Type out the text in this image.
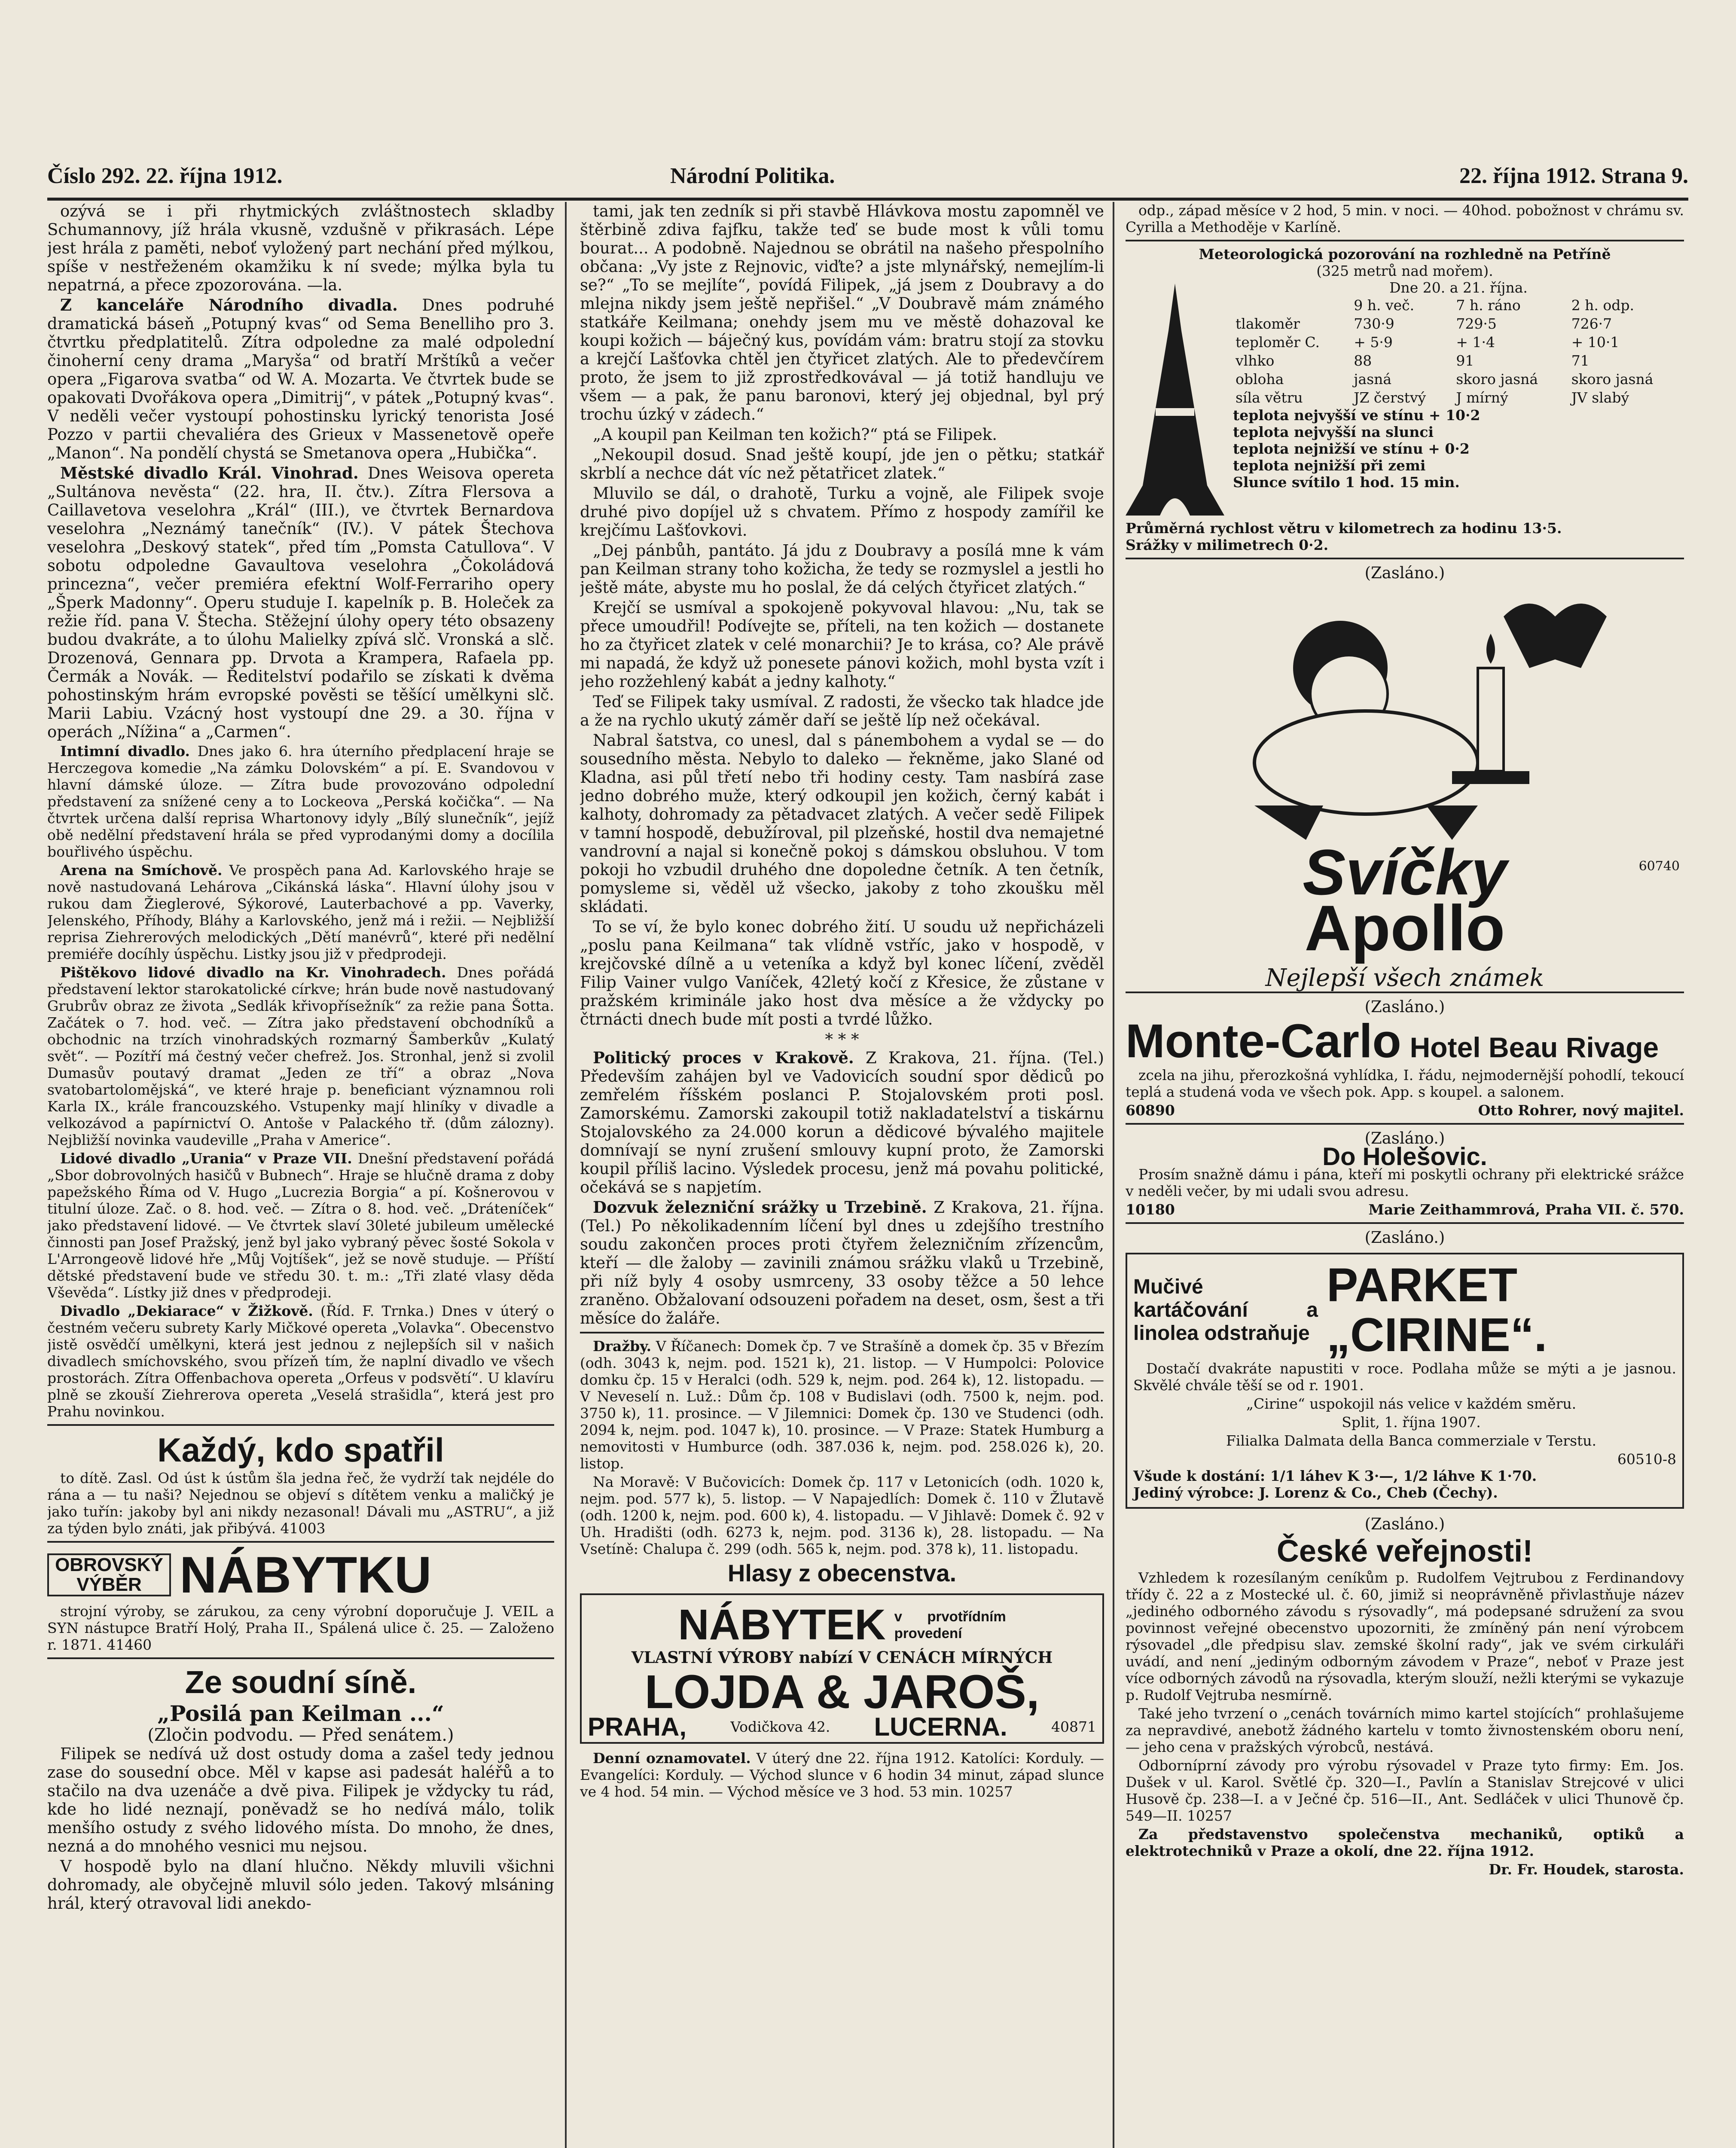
Číslo 292. 22. října 1912.	Národní Politika.	22. října 1912. Strana 9.

ozývá se i při rhytmických zvláštnostech skladby Schumannovy, jíž hrála vkusně, vzdušně v přikrasách. Lépe jest hrála z paměti, neboť vyložený part nechání před mýlkou, spíše v nestřeženém okamžiku k ní svede; mýlka byla tu nepatrná, a přece zpozorována. —la.

Z kanceláře Národního divadla. Dnes podruhé dramatická báseň „Potupný kvas“ od Sema Benelliho pro 3. čtvrtku předplatitelů. Zítra odpoledne za malé odpolední činoherní ceny drama „Maryša“ od bratří Mrštíků a večer opera „Figarova svatba“ od W. A. Mozarta. Ve čtvrtek bude se opakovati Dvořákova opera „Dimitrij“, v pátek „Potupný kvas“. V neděli večer vystoupí pohostinsku lyrický tenorista José Pozzo v partii chevaliéra des Grieux v Massenetově opeře „Manon“. Na pondělí chystá se Smetanova opera „Hubička“.

Městské divadlo Král. Vinohrad. Dnes Weisova opereta „Sultánova nevěsta“ (22. hra, II. čtv.). Zítra Flersova a Caillavetova veselohra „Král“ (III.), ve čtvrtek Bernardova veselohra „Neznámý tanečník“ (IV.). V pátek Štechova veselohra „Deskový statek“, před tím „Pomsta Catullova“. V sobotu odpoledne Gavaultova veselohra „Čokoládová princezna“, večer premiéra efektní Wolf-Ferrariho opery „Šperk Madonny“. Operu studuje I. kapelník p. B. Holeček za režie říd. pana V. Štecha. Stěžejní úlohy opery této obsazeny budou dvakráte, a to úlohu Malielky zpívá slč. Vronská a slč. Drozenová, Gennara pp. Drvota a Krampera, Rafaela pp. Čermák a Novák. — Ředitelství podařilo se získati k dvěma pohostinským hrám evropské pověsti se těšící umělkyni slč. Marii Labiu. Vzácný host vystoupí dne 29. a 30. října v operách „Nížina“ a „Carmen“.

Intimní divadlo. Dnes jako 6. hra úterního předplacení hraje se Herczegova komedie „Na zámku Dolovském“ a pí. E. Svandovou v hlavní dámské úloze. — Zítra bude provozováno odpolední představení za snížené ceny a to Lockeova „Perská kočička“. — Na čtvrtek určena další reprisa Whartonovy idyly „Bílý slunečník“, jejíž obě nedělní představení hrála se před vyprodanými domy a docílila bouřlivého úspěchu.

Arena na Smíchově. Ve prospěch pana Ad. Karlovského hraje se nově nastudovaná Lehárova „Cikánská láska“. Hlavní úlohy jsou v rukou dam Žieglerové, Sýkorové, Lauterbachové a pp. Vaverky, Jelenského, Příhody, Bláhy a Karlovského, jenž má i režii. — Nejbližší reprisa Ziehrerových melodických „Dětí manévrů“, které při nedělní premiéře docíhly úspěchu. Listky jsou již v předprodeji.

Pištěkovo lidové divadlo na Kr. Vinohradech. Dnes pořádá představení lektor starokatolické církve; hrán bude nově nastudovaný Grubrův obraz ze života „Sedlák křivopřísežník“ za režie pana Šotta. Začátek o 7. hod. več. — Zítra jako představení obchodníků a obchodnic na trzích vinohradských rozmarný Šamberkův „Kulatý svět“. — Pozítří má čestný večer chefrež. Jos. Stronhal, jenž si zvolil Dumasův poutavý dramat „Jeden ze tří“ a obraz „Nova svatobartolomějská“, ve které hraje p. beneficiant významnou roli Karla IX., krále francouzského. Vstupenky mají hliníky v divadle a velkozávod a papírnictví O. Antoše v Palackého tř. (dům zálozny). Nejbližší novinka vaudeville „Praha v Americe“.

Lidové divadlo „Urania“ v Praze VII. Dnešní představení pořádá „Sbor dobrovolných hasičů v Bubnech“. Hraje se hlučně drama z doby papežského Říma od V. Hugo „Lucrezia Borgia“ a pí. Košnerovou v titulní úloze. Zač. o 8. hod. več. — Zítra o 8. hod. več. „Dráteníček“ jako představení lidové. — Ve čtvrtek slaví 30leté jubileum umělecké činnosti pan Josef Pražský, jenž byl jako vybraný pěvec šosté Sokola v L'Arrongeově lidové hře „Můj Vojtíšek“, jež se nově studuje. — Příští dětské představení bude ve středu 30. t. m.: „Tři zlaté vlasy děda Vševěda“. Lístky již dnes v předprodeji.

Divadlo „Dekiarace“ v Žižkově. (Říd. F. Trnka.) Dnes v úterý o čestném večeru subrety Karly Mičkové opereta „Volavka“. Obecenstvo jistě osvědčí umělkyni, která jest jednou z nejlepších sil v našich divadlech smíchovského, svou přízeň tím, že naplní divadlo ve všech prostorách. Zítra Offenbachova opereta „Orfeus v podsvětí“. U klavíru plně se zkouší Ziehrerova opereta „Veselá strašidla“, která jest pro Prahu novinkou.

Každý, kdo spatřil

to dítě. Zasl. Od úst k ústům šla jedna řeč, že vydrží tak nejdéle do rána a — tu naši? Nejednou se objeví s dítětem venku a maličký je jako tuřín: jakoby byl ani nikdy nezasonal! Dávali mu „ASTRU“, a již za týden bylo znáti, jak přibývá. 41003

OBROVSKÝ VÝBĚR NÁBYTKU

strojní výroby, se zárukou, za ceny výrobní doporučuje J. VEIL a SYN nástupce Bratří Holý, Praha II., Spálená ulice č. 25. — Založeno r. 1871. 41460

Ze soudní síně.
„Posilá pan Keilman ...“
(Zločin podvodu. — Před senátem.)

Filipek se nedívá už dost ostudy doma a zašel tedy jednou zase do sousední obce. Měl v kapse asi padesát haléřů a to stačilo na dva uzenáče a dvě piva. Filipek je vždycky tu rád, kde ho lidé neznají, poněvadž se ho nedívá málo, tolik menšího ostudy z svého lidového místa. Do mnoho, že dnes, nezná a do mnohého vesnici mu nejsou.

V hospodě bylo na dlaní hlučno. Někdy mluvili všichni dohromady, ale obyčejně mluvil sólo jeden. Takový mlsáning hrál, který otravoval lidi anekdo-

tami, jak ten zedník si při stavbě Hlávkova mostu zapomněl ve štěrbině zdiva fajfku, takže teď se bude most k vůli tomu bourat... A podobně. Najednou se obrátil na našeho přespolního občana: „Vy jste z Rejnovic, viďte? a jste mlynářský, nemejlím-li se?“ „To se mejlíte“, povídá Filipek, „já jsem z Doubravy a do mlejna nikdy jsem ještě nepřišel.“ „V Doubravě mám známého statkáře Keilmana; onehdy jsem mu ve městě dohazoval ke koupi kožich — báječný kus, povídám vám: bratru stojí za stovku a krejčí Lašťovka chtěl jen čtyřicet zlatých. Ale to předevčírem proto, že jsem to již zprostředkovával — já totiž handluju ve všem — a pak, že panu baronovi, který jej objednal, byl prý trochu úzký v zádech.“

„A koupil pan Keilman ten kožich?“ ptá se Filipek.

„Nekoupil dosud. Snad ještě koupí, jde jen o pětku; statkář skrblí a nechce dát víc než pětatřicet zlatek.“

Mluvilo se dál, o drahotě, Turku a vojně, ale Filipek svoje druhé pivo dopíjel už s chvatem. Přímo z hospody zamířil ke krejčímu Lašťovkovi.

„Dej pánbůh, pantáto. Já jdu z Doubravy a posílá mne k vám pan Keilman strany toho kožicha, že tedy se rozmyslel a jestli ho ještě máte, abyste mu ho poslal, že dá celých čtyřicet zlatých.“

Krejčí se usmíval a spokojeně pokyvoval hlavou: „Nu, tak se přece umoudřil! Podívejte se, příteli, na ten kožich — dostanete ho za čtyřicet zlatek v celé monarchii? Je to krása, co? Ale právě mi napadá, že když už ponesete pánovi kožich, mohl bysta vzít i jeho rozžehlený kabát a jedny kalhoty.“

Teď se Filipek taky usmíval. Z radosti, že všecko tak hladce jde a že na rychlo ukutý záměr daří se ještě líp než očekával.

Nabral šatstva, co unesl, dal s pánembohem a vydal se — do sousedního města. Nebylo to daleko — řekněme, jako Slané od Kladna, asi půl třetí nebo tři hodiny cesty. Tam nasbírá zase jedno dobrého muže, který odkoupil jen kožich, černý kabát i kalhoty, dohromady za pětadvacet zlatých. A večer sedě Filipek v tamní hospodě, debužíroval, pil plzeňské, hostil dva nemajetné vandrovní a najal si konečně pokoj s dámskou obsluhou. V tom pokoji ho vzbudil druhého dne dopoledne četník. A ten četník, pomysleme si, věděl už všecko, jakoby z toho zkoušku měl skládati.

To se ví, že bylo konec dobrého žití. U soudu už nepřicházeli „poslu pana Keilmana“ tak vlídně vstříc, jako v hospodě, v krejčovské dílně a u veteníka a když byl konec líčení, zvěděl Filip Vainer vulgo Vaníček, 42letý kočí z Křesice, že zůstane v pražském kriminále jako host dva měsíce a že vždycky po čtrnácti dnech bude mít posti a tvrdé lůžko.

* * *

Politický proces v Krakově. Z Krakova, 21. října. (Tel.) Především zahájen byl ve Vadovicích soudní spor dědiců po zemřelém říšském poslanci P. Stojalovském proti posl. Zamorskému. Zamorski zakoupil totiž nakladatelství a tiskárnu Stojalovského za 24.000 korun a dědicové bývalého majitele domnívají se nyní zrušení smlouvy kupní proto, že Zamorski koupil příliš lacino. Výsledek procesu, jenž má povahu politické, očekává se s napjetím.

Dozvuk železniční srážky u Trzebině. Z Krakova, 21. října. (Tel.) Po několikadenním líčení byl dnes u zdejšího trestního soudu zakončen proces proti čtyřem železničním zřízencům, kteří — dle žaloby — zavinili známou srážku vlaků u Trzebině, při níž byly 4 osoby usmrceny, 33 osoby těžce a 50 lehce zraněno. Obžalovaní odsouzeni pořadem na deset, osm, šest a tři měsíce do žaláře.

Dražby. V Říčanech: Domek čp. 7 ve Strašíně a domek čp. 35 v Březím (odh. 3043 k, nejm. pod. 1521 k), 21. listop. — V Humpolci: Polovice domku čp. 15 v Heralci (odh. 529 k, nejm. pod. 264 k), 12. listopadu. — V Neveselí n. Luž.: Dům čp. 108 v Budislavi (odh. 7500 k, nejm. pod. 3750 k), 11. prosince. — V Jilemnici: Domek čp. 130 ve Studenci (odh. 2094 k, nejm. pod. 1047 k), 10. prosince. — V Praze: Statek Humburg a nemovitosti v Humburce (odh. 387.036 k, nejm. pod. 258.026 k), 20. listop.

Na Moravě: V Bučovicích: Domek čp. 117 v Letonicích (odh. 1020 k, nejm. pod. 577 k), 5. listop. — V Napajedlích: Domek č. 110 v Žlutavě (odh. 1200 k, nejm. pod. 600 k), 4. listopadu. — V Jihlavě: Domek č. 92 v Uh. Hradišti (odh. 6273 k, nejm. pod. 3136 k), 28. listopadu. — Na Vsetíně: Chalupa č. 299 (odh. 565 k, nejm. pod. 378 k), 11. listopadu.

Hlasy z obecenstva.
NÁBYTEK v prvotřídním provedení
VLASTNÍ VÝROBY nabízí V CENÁCH MÍRNÝCH
LOJDA & JAROŠ,
PRAHA,	Vodičkova 42. LUCERNA.	40871

Denní oznamovatel. V úterý dne 22. října 1912. Katolíci: Korduly. — Evangelíci: Korduly. — Východ slunce v 6 hodin 34 minut, západ slunce ve 4 hod. 54 min. — Východ měsíce ve 3 hod. 53 min. 10257

odp., západ měsíce v 2 hod, 5 min. v noci. — 40hod. pobožnost v chrámu sv. Cyrilla a Methoděje v Karlíně.

Meteorologická pozorování na rozhledně na Petříně
(325 metrů nad mořem).
Dne 20. a 21. října.
	9 h. več.	7 h. ráno	2 h. odp.
tlakoměr	730·9	729·5	726·7
teploměr C.	+ 5·9	+ 1·4	+ 10·1
vlhko	88	91	71
obloha	jasná	skoro jasná	skoro jasná
síla větru	JZ čerstvý	J mírný	JV slabý
teplota nejvyšší ve stínu + 10·2
teplota nejvyšší na slunci
teplota nejnižší ve stínu + 0·2
teplota nejnižší při zemi
Slunce svítilo 1 hod. 15 min.
Průměrná rychlost větru v kilometrech za hodinu 13·5.
Srážky v milimetrech 0·2.
(Zasláno.)
Svíčky
Apollo
60740
Nejlepší všech známek
(Zasláno.)
Monte-Carlo Hotel Beau Rivage

zcela na jihu, přerozkošná vyhlídka, I. řádu, nejmodernější pohodlí, tekoucí teplá a studená voda ve všech pok. App. s koupel. a salonem.

60890	Otto Rohrer, nový majitel.
(Zasláno.)
Do Holešovic.

Prosím snažně dámu i pána, kteří mi poskytli ochrany při elektrické srážce v neděli večer, by mi udali svou adresu.

10180	Marie Zeithammrová, Praha VII. č. 570.
(Zasláno.)
Mučivé kartáčování a linolea odstraňuje
PARKET
„CIRINE“.

Dostačí dvakráte napustiti v roce. Podlaha může se mýti a je jasnou. Skvělé chvále těší se od r. 1901.

„Cirine“ uspokojil nás velice v každém směru.

Split, 1. října 1907.

Filialka Dalmata della Banca commerziale v Terstu.

60510-8
Všude k dostání: 1/1 láhev K 3·—, 1/2 láhve K 1·70.
Jediný výrobce: J. Lorenz & Co., Cheb (Čechy).
(Zasláno.)
České veřejnosti!

Vzhledem k rozesílaným ceníkům p. Rudolfem Vejtrubou z Ferdinandovy třídy č. 22 a z Mostecké ul. č. 60, jimiž si neoprávněně přivlastňuje název „jediného odborného závodu s rýsovadly“, má podepsané sdružení za svou povinnost veřejné obecenstvo upozorniti, že zmíněný pán není výrobcem rýsovadel „dle předpisu slav. zemské školní rady“, jak ve svém cirkuláři uvádí, and není „jediným odborným závodem v Praze“, neboť v Praze jest více odborných závodů na rýsovadla, kterým slouží, nežli kterými se vykazuje p. Rudolf Vejtruba nesmírně.

Také jeho tvrzení o „cenách továrních mimo kartel stojících“ prohlašujeme za nepravdivé, anebotž žádného kartelu v tomto živnostenském oboru není, — jeho cena v pražských výrobců, nestává.

Odborníprní závody pro výrobu rýsovadel v Praze tyto firmy: Em. Jos. Dušek v ul. Karol. Světlé čp. 320—I., Pavlín a Stanislav Strejcové v ulici Husově čp. 238—I. a v Ječné čp. 516—II., Ant. Sedláček v ulici Thunově čp. 549—II. 10257

Za představenstvo společenstva mechaniků, optiků a elektrotechniků v Praze a okolí, dne 22. října 1912.

Dr. Fr. Houdek, starosta.
